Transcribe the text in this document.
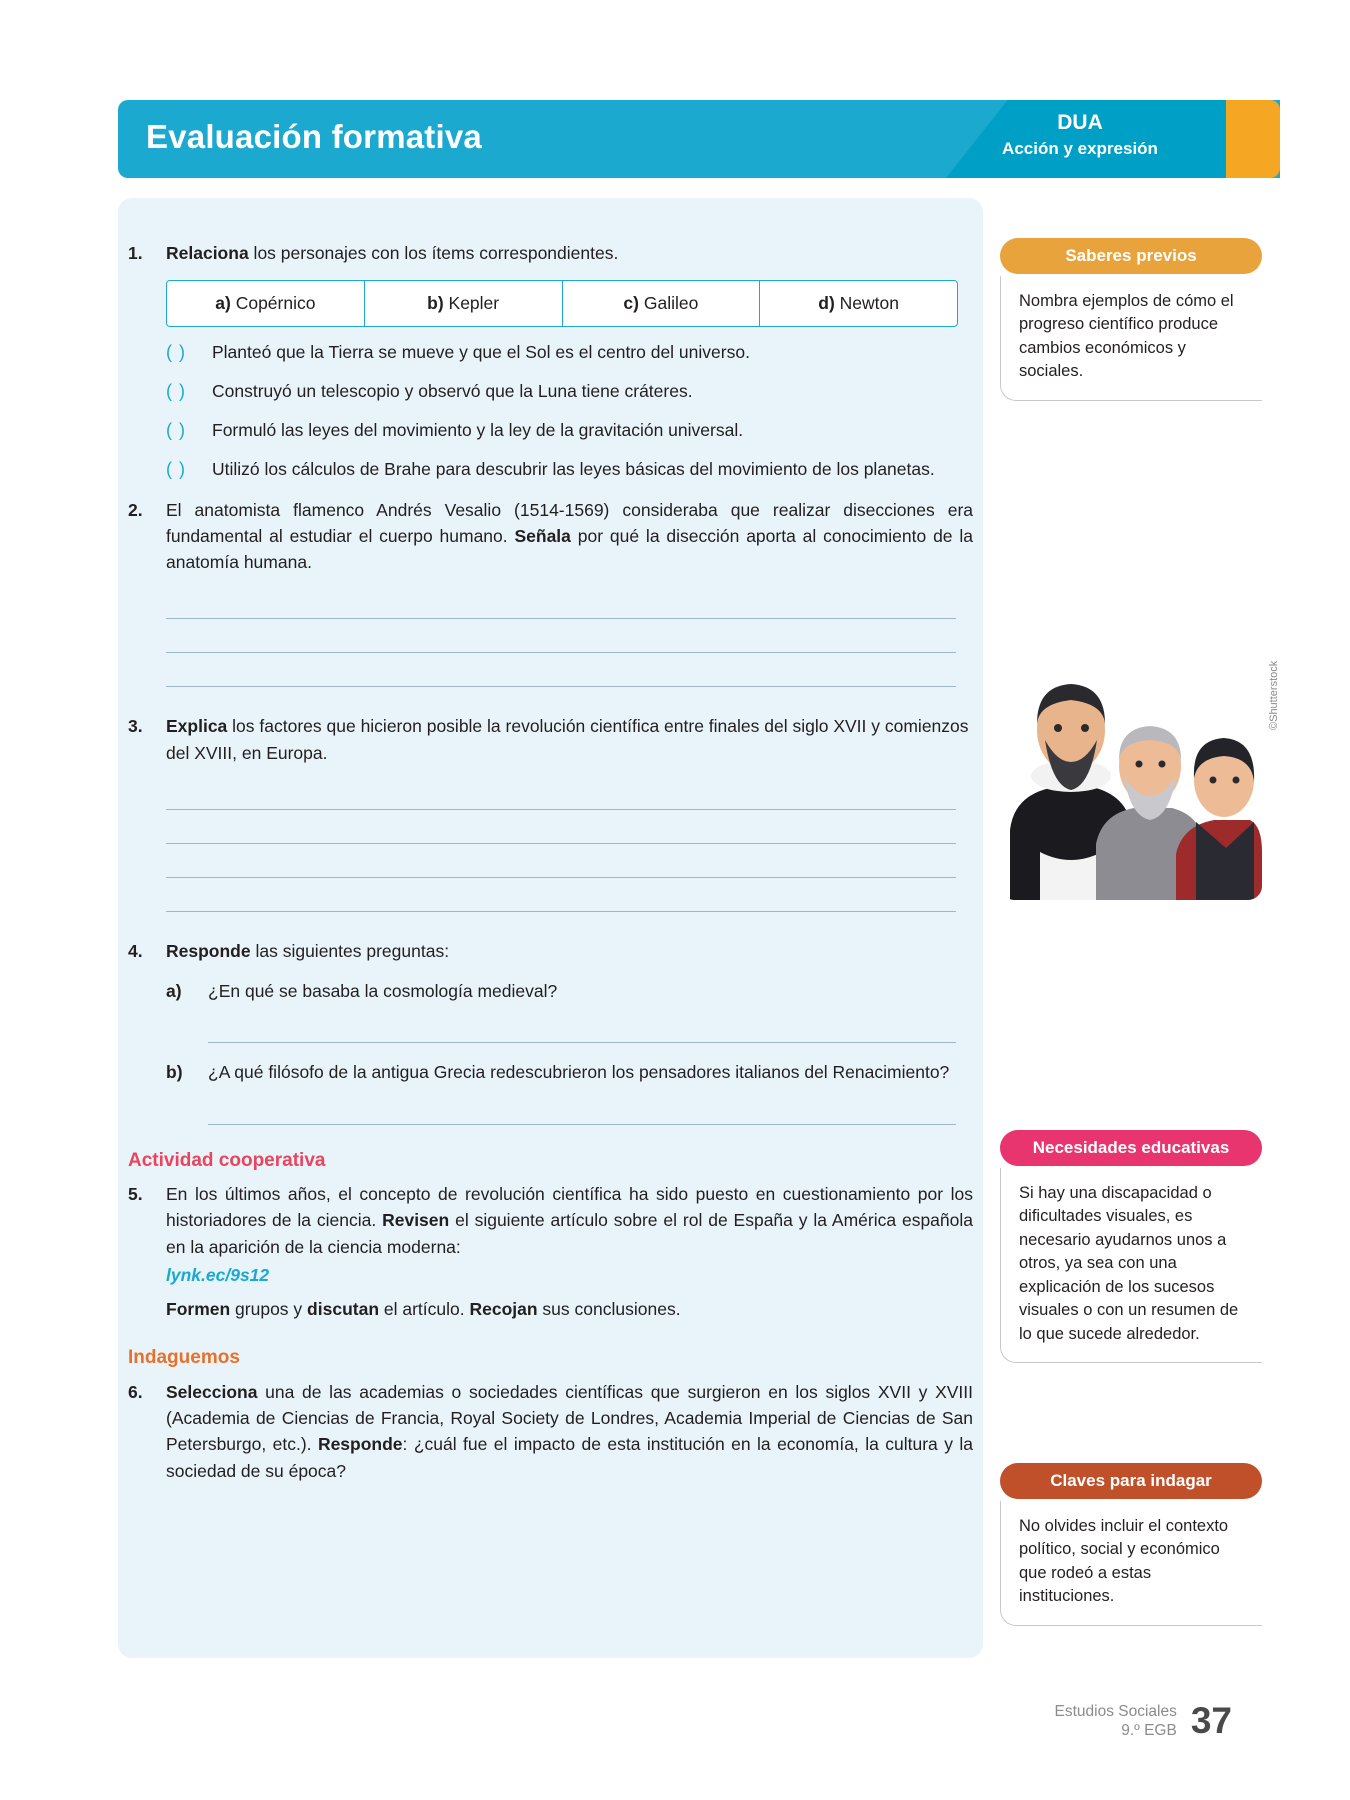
Evaluación formativa	DUA
Acción y expresión
1.	Relaciona los personajes con los ítems correspondientes.
a) Copérnico	b) Kepler	c) Galileo	d) Newton
( )	Planteó que la Tierra se mueve y que el Sol es el centro del universo.
( )	Construyó un telescopio y observó que la Luna tiene cráteres.
( )	Formuló las leyes del movimiento y la ley de la gravitación universal.
( )	Utilizó los cálculos de Brahe para descubrir las leyes básicas del movimiento de los planetas.
2.	El anatomista flamenco Andrés Vesalio (1514-1569) consideraba que realizar disecciones era fundamental al estudiar el cuerpo humano. Señala por qué la disección aporta al conocimiento de la anatomía humana.
3.	Explica los factores que hicieron posible la revolución científica entre finales del siglo XVII y comienzos del XVIII, en Europa.
4.	Responde las siguientes preguntas:
a)	¿En qué se basaba la cosmología medieval?
b)	¿A qué filósofo de la antigua Grecia redescubrieron los pensadores italianos del Renacimiento?
Actividad cooperativa
5.	En los últimos años, el concepto de revolución científica ha sido puesto en cuestionamiento por los historiadores de la ciencia. Revisen el siguiente artículo sobre el rol de España y la América española en la aparición de la ciencia moderna:
lynk.ec/9s12
Formen grupos y discutan el artículo. Recojan sus conclusiones.
Indaguemos
6.	Selecciona una de las academias o sociedades científicas que surgieron en los siglos XVII y XVIII (Academia de Ciencias de Francia, Royal Society de Londres, Academia Imperial de Ciencias de San Petersburgo, etc.). Responde: ¿cuál fue el impacto de esta institución en la economía, la cultura y la sociedad de su época?
Saberes previos
Nombra ejemplos de cómo el progreso científico produce cambios económicos y sociales.
©Shutterstock
Necesidades educativas
Si hay una discapacidad o dificultades visuales, es necesario ayudarnos unos a otros, ya sea con una explicación de los sucesos visuales o con un resumen de lo que sucede alrededor.
Claves para indagar
No olvides incluir el contexto político, social y económico que rodeó a estas instituciones.
Estudios Sociales
9.º EGB 37
